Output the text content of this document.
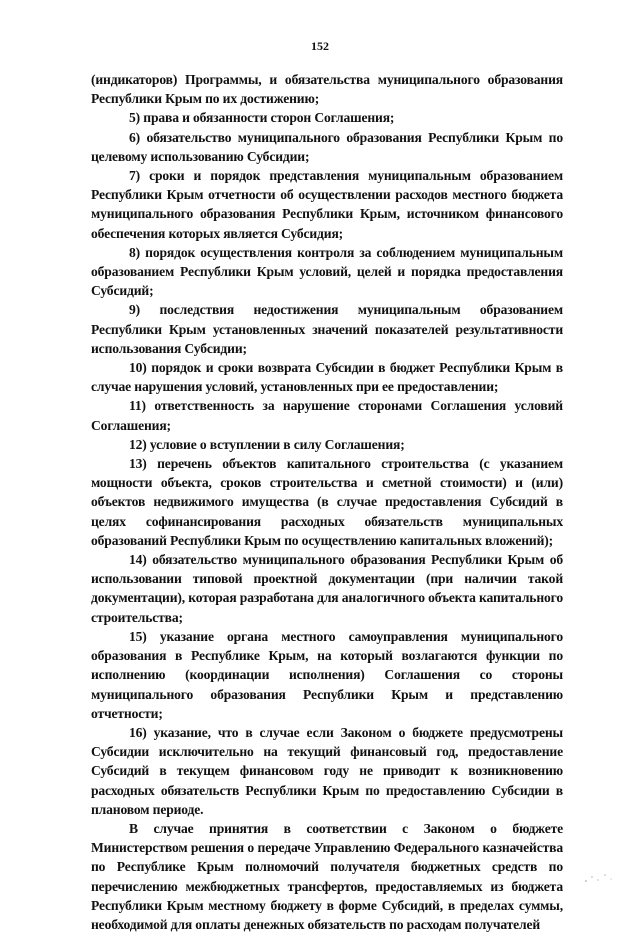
152

(индикаторов) Программы, и обязательства муниципального образования Республики Крым по их достижению;

5) права и обязанности сторон Соглашения;

6) обязательство муниципального образования Республики Крым по целевому использованию Субсидии;

7) сроки и порядок представления муниципальным образованием Республики Крым отчетности об осуществлении расходов местного бюджета муниципального образования Республики Крым, источником финансового обеспечения которых является Субсидия;

8) порядок осуществления контроля за соблюдением муниципальным образованием Республики Крым условий, целей и порядка предоставления Субсидий;

9) последствия недостижения муниципальным образованием Республики Крым установленных значений показателей результативности использования Субсидии;

10) порядок и сроки возврата Субсидии в бюджет Республики Крым в случае нарушения условий, установленных при ее предоставлении;

11) ответственность за нарушение сторонами Соглашения условий Соглашения;

12) условие о вступлении в силу Соглашения;

13) перечень объектов капитального строительства (с указанием мощности объекта, сроков строительства и сметной стоимости) и (или) объектов недвижимого имущества (в случае предоставления Субсидий в целях софинансирования расходных обязательств муниципальных образований Республики Крым по осуществлению капитальных вложений);

14) обязательство муниципального образования Республики Крым об использовании типовой проектной документации (при наличии такой документации), которая разработана для аналогичного объекта капитального строительства;

15) указание органа местного самоуправления муниципального образования в Республике Крым, на который возлагаются функции по исполнению (координации исполнения) Соглашения со стороны муниципального образования Республики Крым и представлению отчетности;

16) указание, что в случае если Законом о бюджете предусмотрены Субсидии исключительно на текущий финансовый год, предоставление Субсидий в текущем финансовом году не приводит к возникновению расходных обязательств Республики Крым по предоставлению Субсидии в плановом периоде.

В случае принятия в соответствии с Законом о бюджете Министерством решения о передаче Управлению Федерального казначейства по Республике Крым полномочий получателя бюджетных средств по перечислению межбюджетных трансфертов, предоставляемых из бюджета Республики Крым местному бюджету в форме Субсидий, в пределах суммы, необходимой для оплаты денежных обязательств по расходам получателей
